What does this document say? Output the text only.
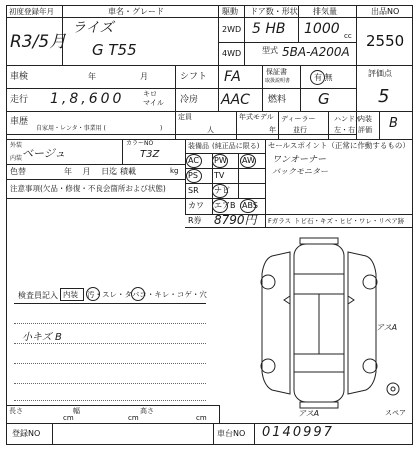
初度登録年月
R3/5月
車名・グレード
ライズ
G T55
駆動
2WD
4WD
ドア数・形状
5 HB
排気量
1000 cc
型式 5BA-A200A
出品NO
2550
車検	年	月
走行 1,8,600	キロ
マイル
車歴
自家用・レンタ・事業用 (	)
シフト FA	保証書
取扱説明書	有 無	評価点
5
冷房 AAC 燃料 G
定員
人
年式モデル
年
ディーラー
並行
ハンドル
左・右
内装
評価 B
外装
ベージュ
カラーNO
T3Z
内装
色替	年 月 日迄 積載	kg
装備品 (純正品に限る)
AC PW AW
PS TV
SR ナビ
カワ エアB ABS
セールスポイント（正常に作動するもの）
ワンオーナー
バックモニター
注意事項(欠品・修復・不良会箇所および状態)
R券 8790円 Fガラス トビ石・キズ・ヒビ・ワレ・リペア跡
検査員記入 内装 汚・スレ・タバコ・キレ・コゲ・穴
小キズ B
アスA
アスA	スペア
長さ
cm
幅
cm
高さ
cm
登録NO	車台NO 0140997
